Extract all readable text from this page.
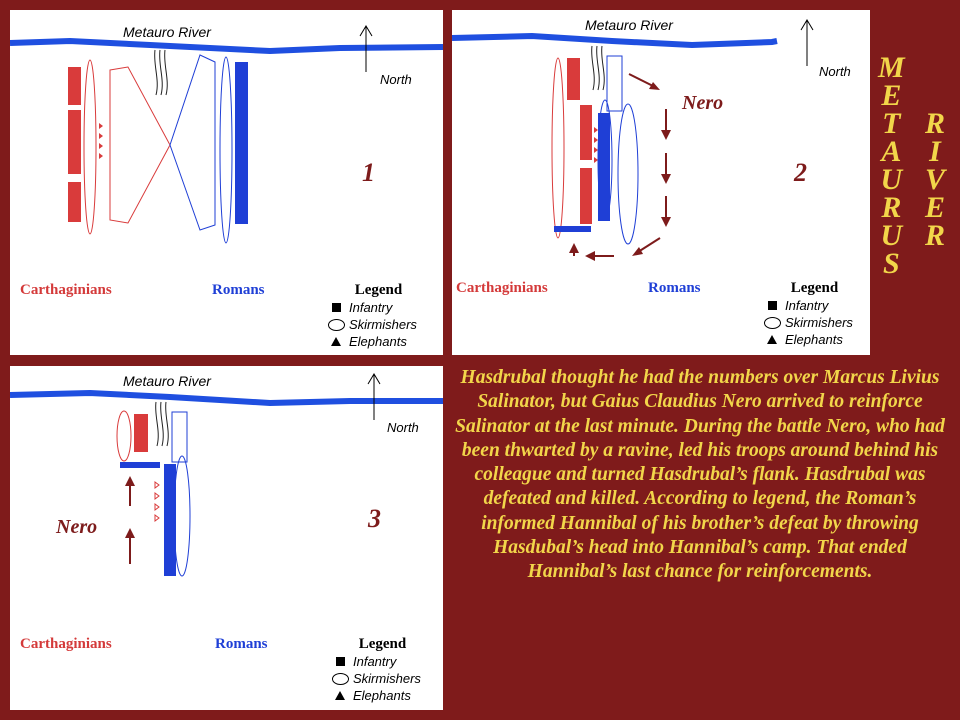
Metauro River
North
1
Carthaginians	Romans	Legend
Infantry
Skirmishers
Elephants
Metauro River
North
Nero
2
Carthaginians	Romans	Legend
Infantry
Skirmishers
Elephants
Metauro River
North
Nero	3
Carthaginians	Romans	Legend
Infantry
Skirmishers
Elephants
M
E
T
A
U
R
U
S
R
I
V
E
R
Hasdrubal thought he had the numbers over Marcus Livius Salinator, but Gaius Claudius Nero arrived to reinforce Salinator at the last minute. During the battle Nero, who had been thwarted by a ravine, led his troops around behind his colleague and turned Hasdrubal’s flank. Hasdrubal was defeated and killed. According to legend, the Roman’s informed Hannibal of his brother’s defeat by throwing Hasdubal’s head into Hannibal’s camp. That ended Hannibal’s last chance for reinforcements.
